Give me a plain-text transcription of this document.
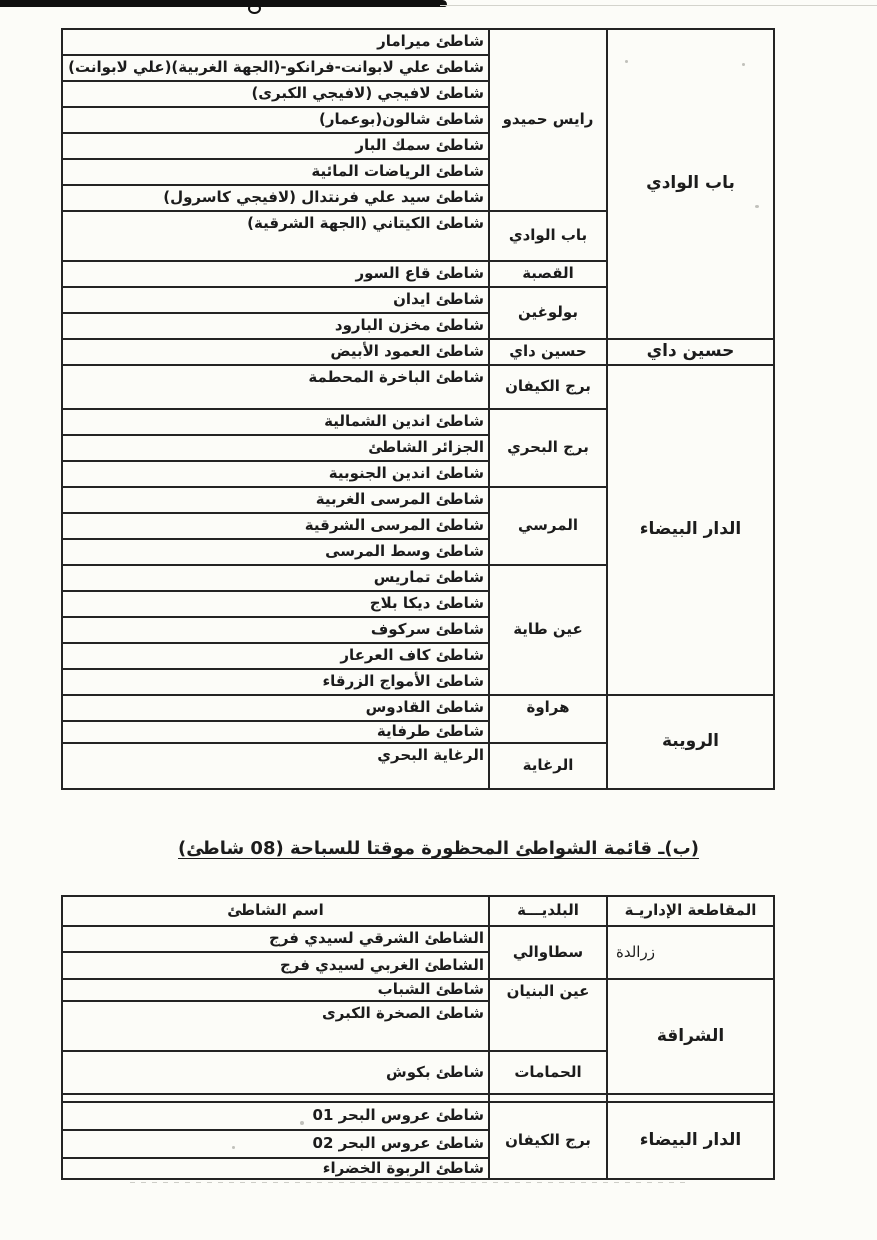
باب الوادي	رايس حميدو	شاطئ ميرامار
		شاطئ علي لابوانت-فرانكو-(الجهة الغربية)(علي لابوانت)
		شاطئ لافيجي (لافيجي الكبرى)
		شاطئ شالون(بوعمار)
		شاطئ سمك البار
		شاطئ الرياضات المائية
		شاطئ سيد علي فرنتدال (لافيجي كاسرول)
	باب الوادي	شاطئ الكيتاني (الجهة الشرقية)
	القصبة	شاطئ قاع السور
	بولوغين	شاطئ ايدان
		شاطئ مخزن البارود
حسين داي	حسين داي	شاطئ العمود الأبيض
الدار البيضاء	برج الكيفان	شاطئ الباخرة المحطمة
	برج البحري	شاطئ اندين الشمالية
		الجزائر الشاطئ
		شاطئ اندين الجنوبية
	المرسي	شاطئ المرسى الغربية
		شاطئ المرسى الشرقية
		شاطئ وسط المرسى
	عين طاية	شاطئ تماريس
		شاطئ ديكا بلاج
		شاطئ سركوف
		شاطئ كاف العرعار
		شاطئ الأمواج الزرقاء
الرويبة	هراوة	شاطئ القادوس
		شاطئ طرفاية
	الرغاية	الرغاية البحري
(ب)ـ قائمة الشواطئ المحظورة موقتا للسباحة (08 شاطئ)
المقاطعة الإداريـة	البلديـــة	اسم الشاطئ
زرالدة	سطاوالي	الشاطئ الشرقي لسيدي فرج
		الشاطئ الغربي لسيدي فرج
الشراقة	عين البنيان	شاطئ الشباب
		شاطئ الصخرة الكبرى
	الحمامات	شاطئ بكوش

الدار البيضاء	برج الكيفان	شاطئ عروس البحر 01
		شاطئ عروس البحر 02
		شاطئ الربوة الخضراء
